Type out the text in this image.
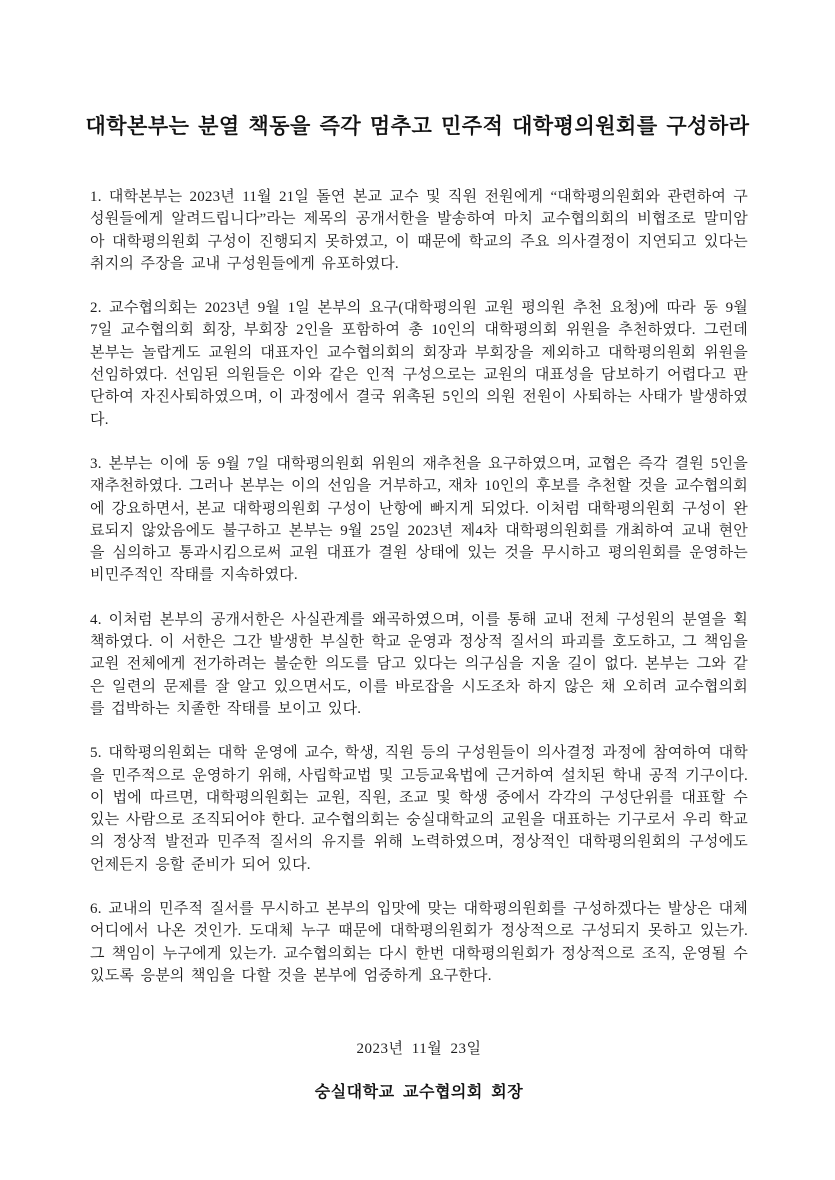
대학본부는 분열 책동을 즉각 멈추고 민주적 대학평의원회를 구성하라

1. 대학본부는 2023년 11월 21일 돌연 본교 교수 및 직원 전원에게 “대학평의원회와 관련하여 구성원들에게 알려드립니다”라는 제목의 공개서한을 발송하여 마치 교수협의회의 비협조로 말미암아 대학평의원회 구성이 진행되지 못하였고, 이 때문에 학교의 주요 의사결정이 지연되고 있다는 취지의 주장을 교내 구성원들에게 유포하였다.

2. 교수협의회는 2023년 9월 1일 본부의 요구(대학평의원 교원 평의원 추천 요청)에 따라 동 9월 7일 교수협의회 회장, 부회장 2인을 포함하여 총 10인의 대학평의회 위원을 추천하였다. 그런데 본부는 놀랍게도 교원의 대표자인 교수협의회의 회장과 부회장을 제외하고 대학평의원회 위원을 선임하였다. 선임된 의원들은 이와 같은 인적 구성으로는 교원의 대표성을 담보하기 어렵다고 판단하여 자진사퇴하였으며, 이 과정에서 결국 위촉된 5인의 의원 전원이 사퇴하는 사태가 발생하였다.

3. 본부는 이에 동 9월 7일 대학평의원회 위원의 재추천을 요구하였으며, 교협은 즉각 결원 5인을 재추천하였다. 그러나 본부는 이의 선임을 거부하고, 재차 10인의 후보를 추천할 것을 교수협의회에 강요하면서, 본교 대학평의원회 구성이 난항에 빠지게 되었다. 이처럼 대학평의원회 구성이 완료되지 않았음에도 불구하고 본부는 9월 25일 2023년 제4차 대학평의원회를 개최하여 교내 현안을 심의하고 통과시킴으로써 교원 대표가 결원 상태에 있는 것을 무시하고 평의원회를 운영하는 비민주적인 작태를 지속하였다.

4. 이처럼 본부의 공개서한은 사실관계를 왜곡하였으며, 이를 통해 교내 전체 구성원의 분열을 획책하였다. 이 서한은 그간 발생한 부실한 학교 운영과 정상적 질서의 파괴를 호도하고, 그 책임을 교원 전체에게 전가하려는 불순한 의도를 담고 있다는 의구심을 지울 길이 없다. 본부는 그와 같은 일련의 문제를 잘 알고 있으면서도, 이를 바로잡을 시도조차 하지 않은 채 오히려 교수협의회를 겁박하는 치졸한 작태를 보이고 있다.

5. 대학평의원회는 대학 운영에 교수, 학생, 직원 등의 구성원들이 의사결정 과정에 참여하여 대학을 민주적으로 운영하기 위해, 사립학교법 및 고등교육법에 근거하여 설치된 학내 공적 기구이다. 이 법에 따르면, 대학평의원회는 교원, 직원, 조교 및 학생 중에서 각각의 구성단위를 대표할 수 있는 사람으로 조직되어야 한다. 교수협의회는 숭실대학교의 교원을 대표하는 기구로서 우리 학교의 정상적 발전과 민주적 질서의 유지를 위해 노력하였으며, 정상적인 대학평의원회의 구성에도 언제든지 응할 준비가 되어 있다.

6. 교내의 민주적 질서를 무시하고 본부의 입맛에 맞는 대학평의원회를 구성하겠다는 발상은 대체 어디에서 나온 것인가. 도대체 누구 때문에 대학평의원회가 정상적으로 구성되지 못하고 있는가. 그 책임이 누구에게 있는가. 교수협의회는 다시 한번 대학평의원회가 정상적으로 조직, 운영될 수 있도록 응분의 책임을 다할 것을 본부에 엄중하게 요구한다.

2023년 11월 23일
숭실대학교 교수협의회 회장
